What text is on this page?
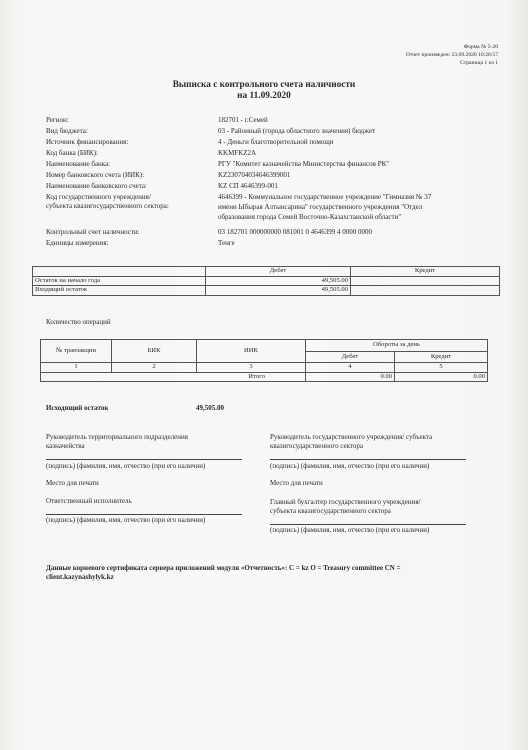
Форма № 5-20
Отчет произведен: 23.09.2020 10:28:57
Страница 1 из 1
Выписка с контрольного счета наличности
на 11.09.2020
Регион:	182701 - г.Семей
Вид бюджета:	03 - Районный (города областного значения) бюджет
Источник финансирования:	4 - Деньги благотворительной помощи
Код банка (БИК):	KKMFKZ2A
Наименование банка:	РГУ "Комитет казначейства Министерства финансов РК"
Номер банковского счета (ИИК):	KZ230704034646399001
Наименование банковского счета:	KZ СП 4646399-001
Код государственного учреждения/
субъекта квазигосударственного сектора:
4646399 - Коммунальное государственное учреждение "Гимназия № 37
имени Ыбырая Алтынсарина" государственного учреждения "Отдел
образования города Семей Восточно-Казахстанской области"
Контрольный счет наличности:	03 182701 000000000 081001 0 4646399 4 0000 0000
Единицы измерения:	Тенге
	Дебет	Кредит
Остаток на начало года	49,505.00	
Входящий остаток	49,505.00	
Количество операций
№ транзакции	БИК	ИИК	Обороты за день	
			Дебет	Кредит
1	2	3	4	5
Итого			0.00	0.00
Исходящий остаток	49,505.00
Руководитель территориального подразделения
казначейства
Руководитель государственного учреждения/ субъекта
квазигосударственного сектора
(подпись) (фамилия, имя, отчество (при его наличии)	(подпись) (фамилия, имя, отчество (при его наличии)
Место для печати	Место для печати
Ответственный исполнитель	Главный бухгалтер государственного учреждения/
субъекта квазигосударственного сектора
(подпись) (фамилия, имя, отчество (при его наличии)
(подпись) (фамилия, имя, отчество (при его наличии)
Данные корневого сертификата сервера приложений модуля «Отчетность»: C = kz O = Treasury committee CN =
client.kazynashylyk.kz
